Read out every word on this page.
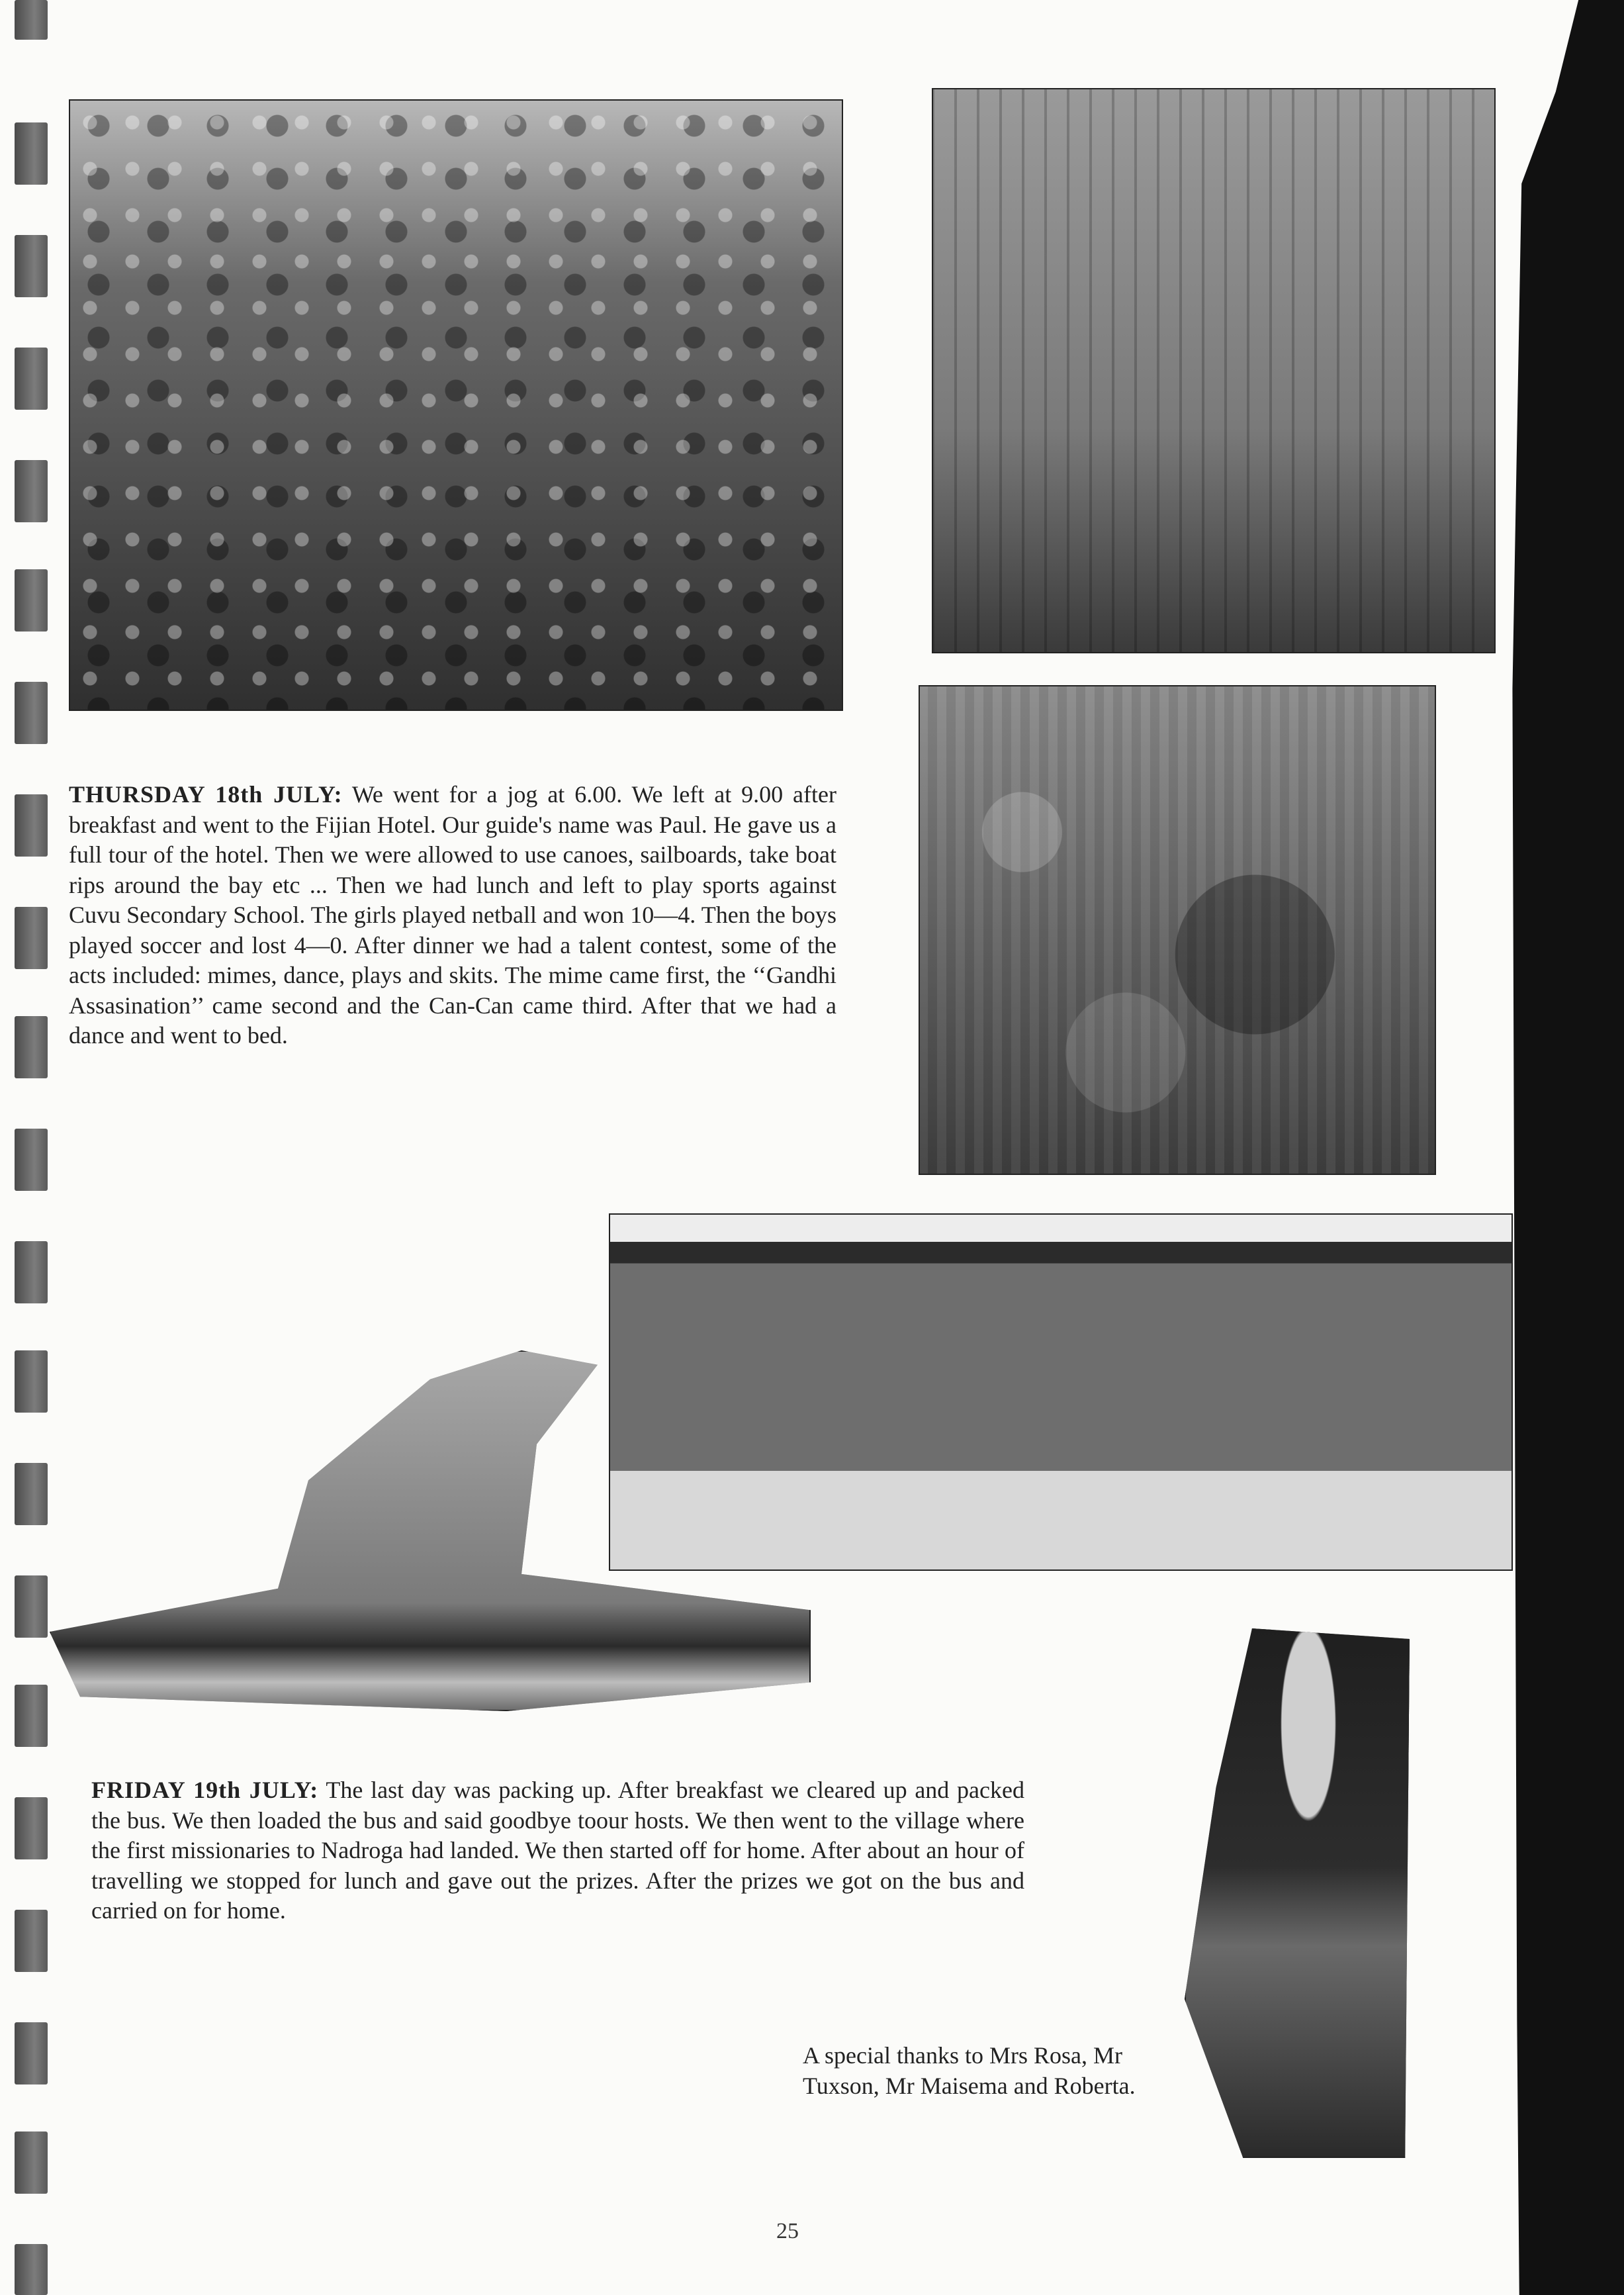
THURSDAY 18th JULY: We went for a jog at 6.00. We left at 9.00 after breakfast and went to the Fijian Hotel. Our guide's name was Paul. He gave us a full tour of the hotel. Then we were allowed to use canoes, sailboards, take boat rips around the bay etc ... Then we had lunch and left to play sports against Cuvu Secondary School. The girls played netball and won 10—4. Then the boys played soccer and lost 4—0. After dinner we had a talent contest, some of the acts included: mimes, dance, plays and skits. The mime came first, the ‘‘Gandhi Assasination’’ came second and the Can-Can came third. After that we had a dance and went to bed.
FRIDAY 19th JULY: The last day was packing up. After breakfast we cleared up and packed the bus. We then loaded the bus and said goodbye toour hosts. We then went to the village where the first missionaries to Nadroga had landed. We then started off for home. After about an hour of travelling we stopped for lunch and gave out the prizes. After the prizes we got on the bus and carried on for home.
A special thanks to Mrs Rosa, Mr Tuxson, Mr Maisema and Roberta.
25
